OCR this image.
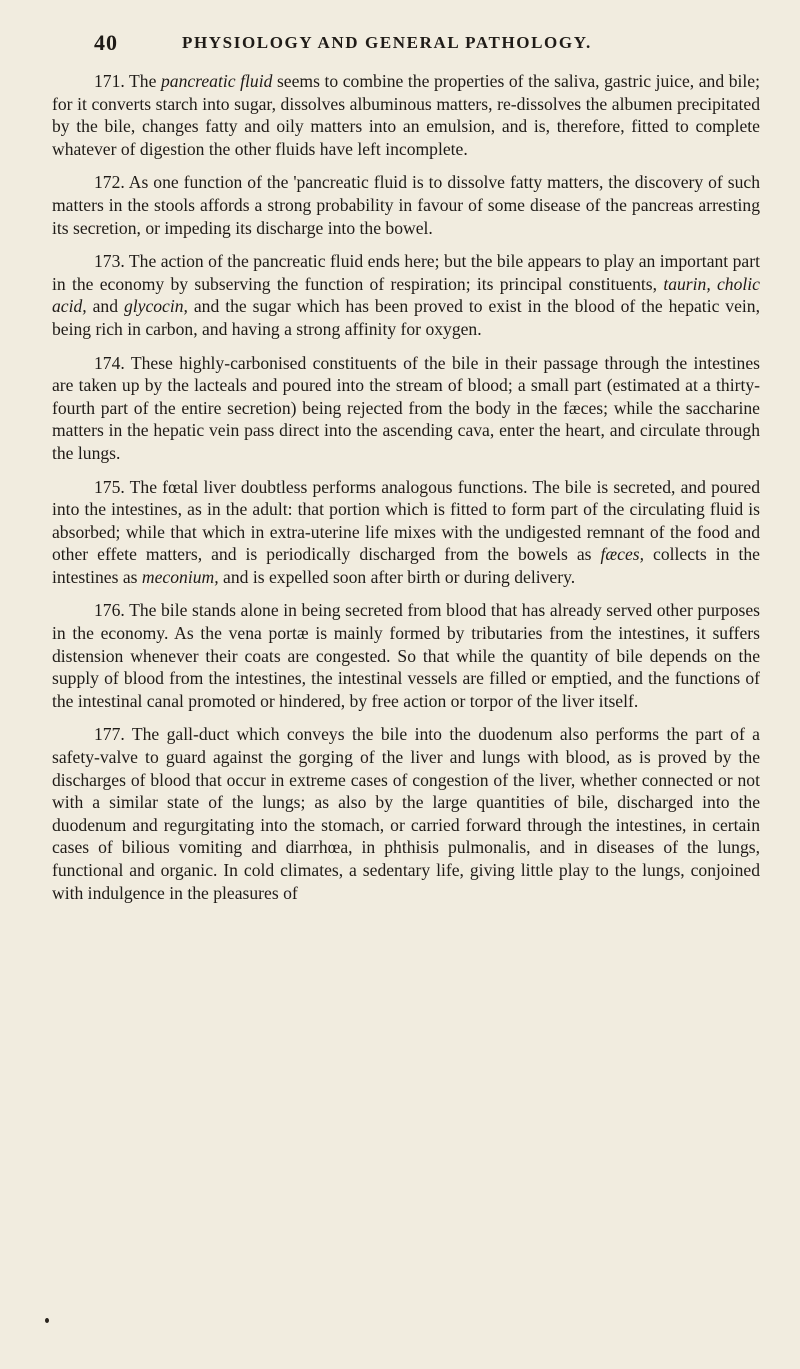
40	PHYSIOLOGY AND GENERAL PATHOLOGY.

171. The pancreatic fluid seems to combine the properties of the saliva, gastric juice, and bile; for it converts starch into sugar, dissolves albuminous matters, re-dissolves the albumen precipitated by the bile, changes fatty and oily matters into an emulsion, and is, therefore, fitted to complete whatever of digestion the other fluids have left incomplete.

172. As one function of the 'pancreatic fluid is to dissolve fatty matters, the discovery of such matters in the stools affords a strong probability in favour of some disease of the pancreas arresting its secretion, or impeding its discharge into the bowel.

173. The action of the pancreatic fluid ends here; but the bile appears to play an important part in the economy by subserving the function of respiration; its principal constituents, taurin, cholic acid, and glycocin, and the sugar which has been proved to exist in the blood of the hepatic vein, being rich in carbon, and having a strong affinity for oxygen.

174. These highly-carbonised constituents of the bile in their passage through the intestines are taken up by the lacteals and poured into the stream of blood; a small part (estimated at a thirty-fourth part of the entire secretion) being rejected from the body in the fæces; while the saccharine matters in the hepatic vein pass direct into the ascending cava, enter the heart, and circulate through the lungs.

175. The fœtal liver doubtless performs analogous functions. The bile is secreted, and poured into the intestines, as in the adult: that portion which is fitted to form part of the circulating fluid is absorbed; while that which in extra-uterine life mixes with the undigested remnant of the food and other effete matters, and is periodically discharged from the bowels as fæces, collects in the intestines as meconium, and is expelled soon after birth or during delivery.

176. The bile stands alone in being secreted from blood that has already served other purposes in the economy. As the vena portæ is mainly formed by tributaries from the intestines, it suffers distension whenever their coats are congested. So that while the quantity of bile depends on the supply of blood from the intestines, the intestinal vessels are filled or emptied, and the functions of the intestinal canal promoted or hindered, by free action or torpor of the liver itself.

177. The gall-duct which conveys the bile into the duodenum also performs the part of a safety-valve to guard against the gorging of the liver and lungs with blood, as is proved by the discharges of blood that occur in extreme cases of congestion of the liver, whether connected or not with a similar state of the lungs; as also by the large quantities of bile, discharged into the duodenum and regurgitating into the stomach, or carried forward through the intestines, in certain cases of bilious vomiting and diarrhœa, in phthisis pulmonalis, and in diseases of the lungs, functional and organic. In cold climates, a sedentary life, giving little play to the lungs, conjoined with indulgence in the pleasures of
